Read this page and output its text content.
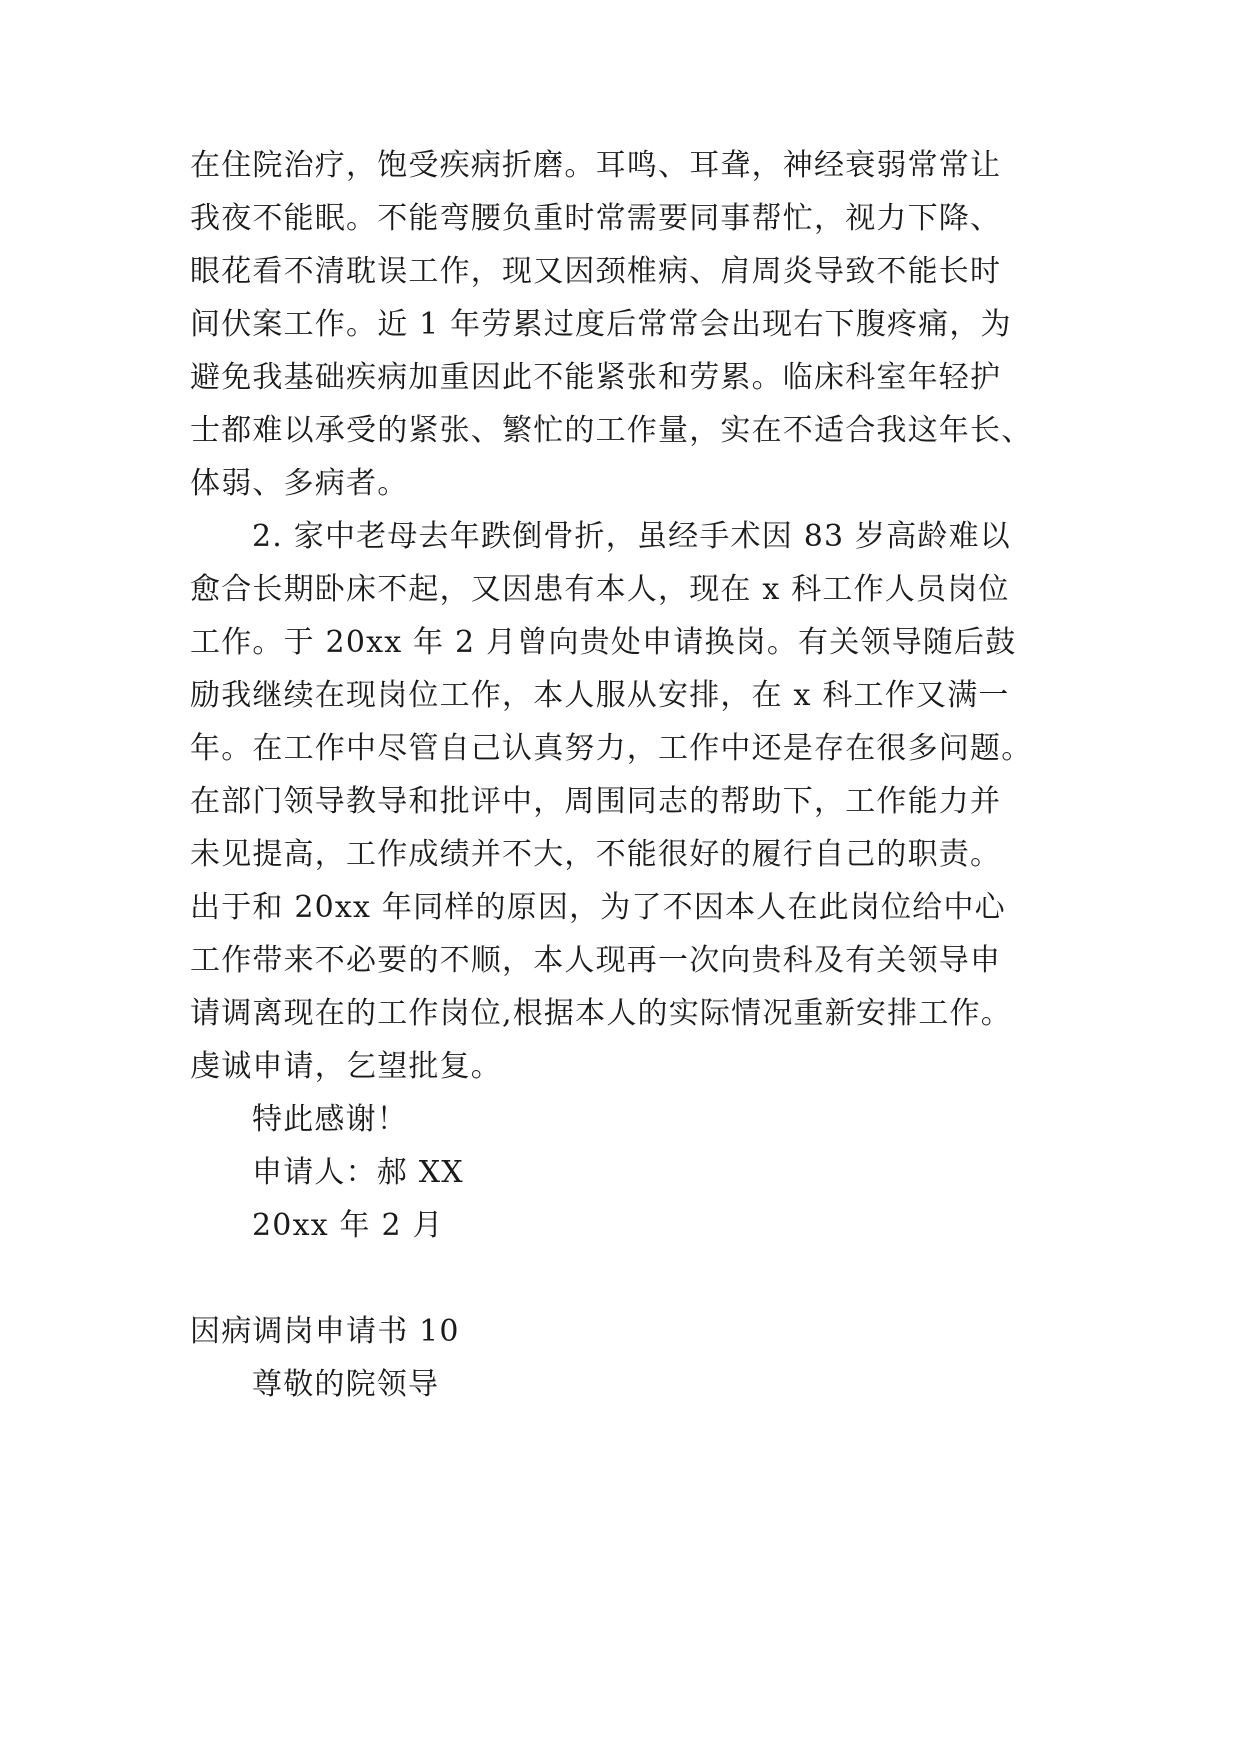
在住院治疗，饱受疾病折磨。耳鸣、耳聋，神经衰弱常常让
我夜不能眠。不能弯腰负重时常需要同事帮忙，视力下降、
眼花看不清耽误工作，现又因颈椎病、肩周炎导致不能长时
间伏案工作。近 1 年劳累过度后常常会出现右下腹疼痛，为
避免我基础疾病加重因此不能紧张和劳累。临床科室年轻护
士都难以承受的紧张、繁忙的工作量，实在不适合我这年长、
体弱、多病者。
2. 家中老母去年跌倒骨折，虽经手术因 83 岁高龄难以
愈合长期卧床不起，又因患有本人，现在 x 科工作人员岗位
工作。于 20xx 年 2 月曾向贵处申请换岗。有关领导随后鼓
励我继续在现岗位工作，本人服从安排，在 x 科工作又满一
年。在工作中尽管自己认真努力，工作中还是存在很多问题。
在部门领导教导和批评中，周围同志的帮助下，工作能力并
未见提高，工作成绩并不大，不能很好的履行自己的职责。
出于和 20xx 年同样的原因，为了不因本人在此岗位给中心
工作带来不必要的不顺，本人现再一次向贵科及有关领导申
请调离现在的工作岗位,根据本人的实际情况重新安排工作。
虔诚申请，乞望批复。
特此感谢！
申请人：郝 XX
20xx 年 2 月
因病调岗申请书 10
尊敬的院领导
